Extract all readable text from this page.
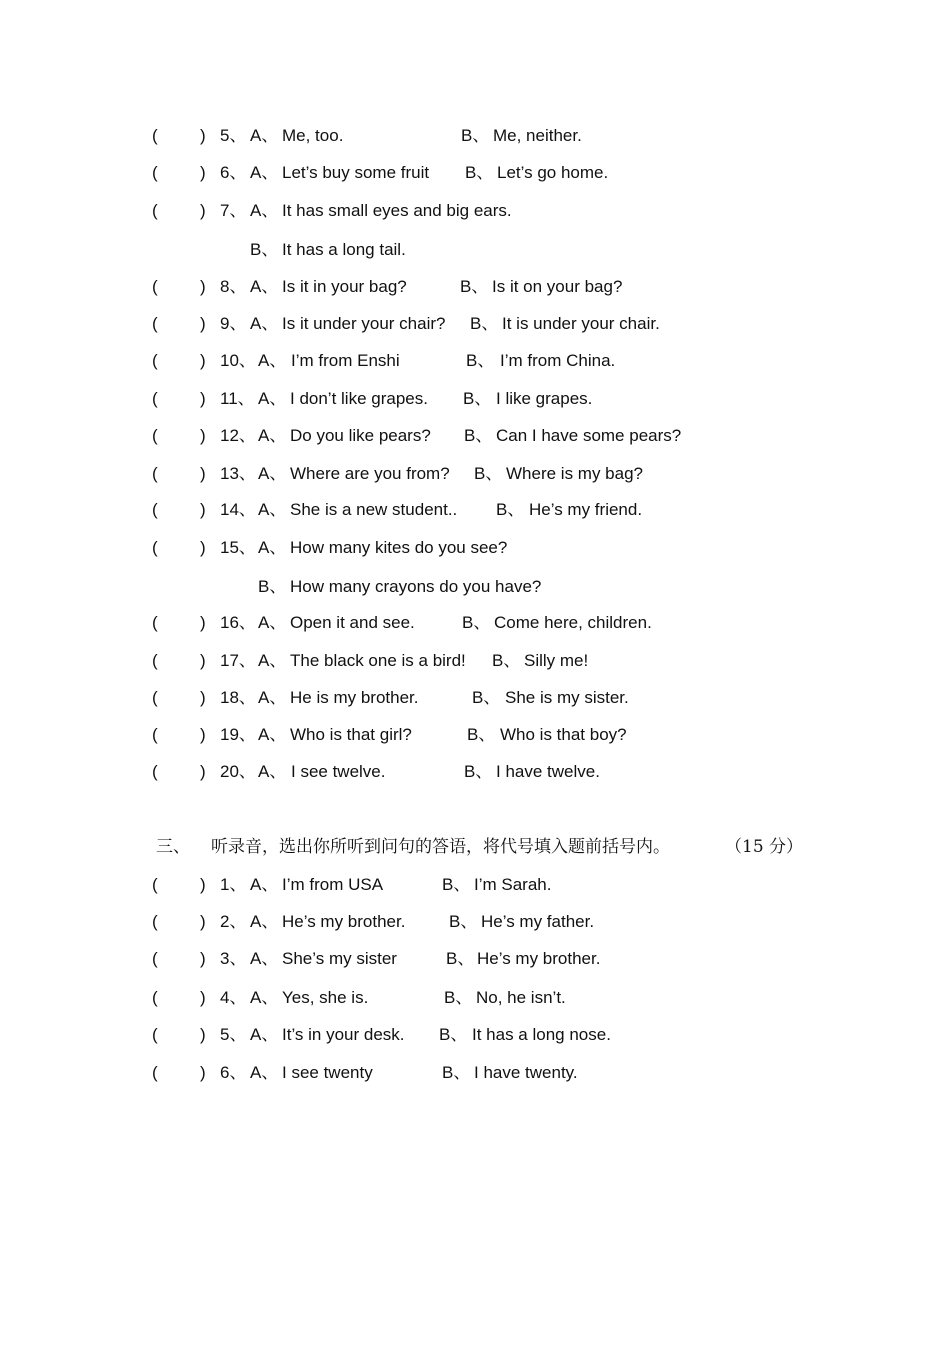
( ) 5、 A、 Me, too.	B、 Me, neither.
( ) 6、 A、 Let’s buy some fruit B、 Let’s go home.
( ) 7、 A、 It has small eyes and big ears.
B、 It has a long tail.
( ) 8、 A、 Is it in your bag?	B、 Is it on your bag?
( ) 9、 A、 Is it under your chair? B、 It is under your chair.
( ) 10、 A、 I’m from Enshi	B、 I’m from China.
( ) 11、 A、 I don’t like grapes. B、 I like grapes.
( ) 12、 A、 Do you like pears? B、 Can I have some pears?
( ) 13、 A、 Where are you from? B、 Where is my bag?
( ) 14、 A、 She is a new student.. B、 He’s my friend.
( ) 15、 A、 How many kites do you see?
B、 How many crayons do you have?
( ) 16、 A、 Open it and see.	B、 Come here, children.
( ) 17、 A、 The black one is a bird! B、 Silly me!
( ) 18、 A、 He is my brother.	B、 She is my sister.
( ) 19、 A、 Who is that girl?	B、 Who is that boy?
( ) 20、 A、 I see twelve.	B、 I have twelve.
三、 听录音，选出你所听到问句的答语，将代号填入题前括号内。	（15 分）
( ) 1、 A、 I’m from USA	B、 I’m Sarah.
( ) 2、 A、 He’s my brother.	B、 He’s my father.
( ) 3、 A、 She’s my sister	B、 He’s my brother.
( ) 4、 A、 Yes, she is.	B、 No, he isn’t.
( ) 5、 A、 It’s in your desk. B、 It has a long nose.
( ) 6、 A、 I see twenty	B、 I have twenty.
